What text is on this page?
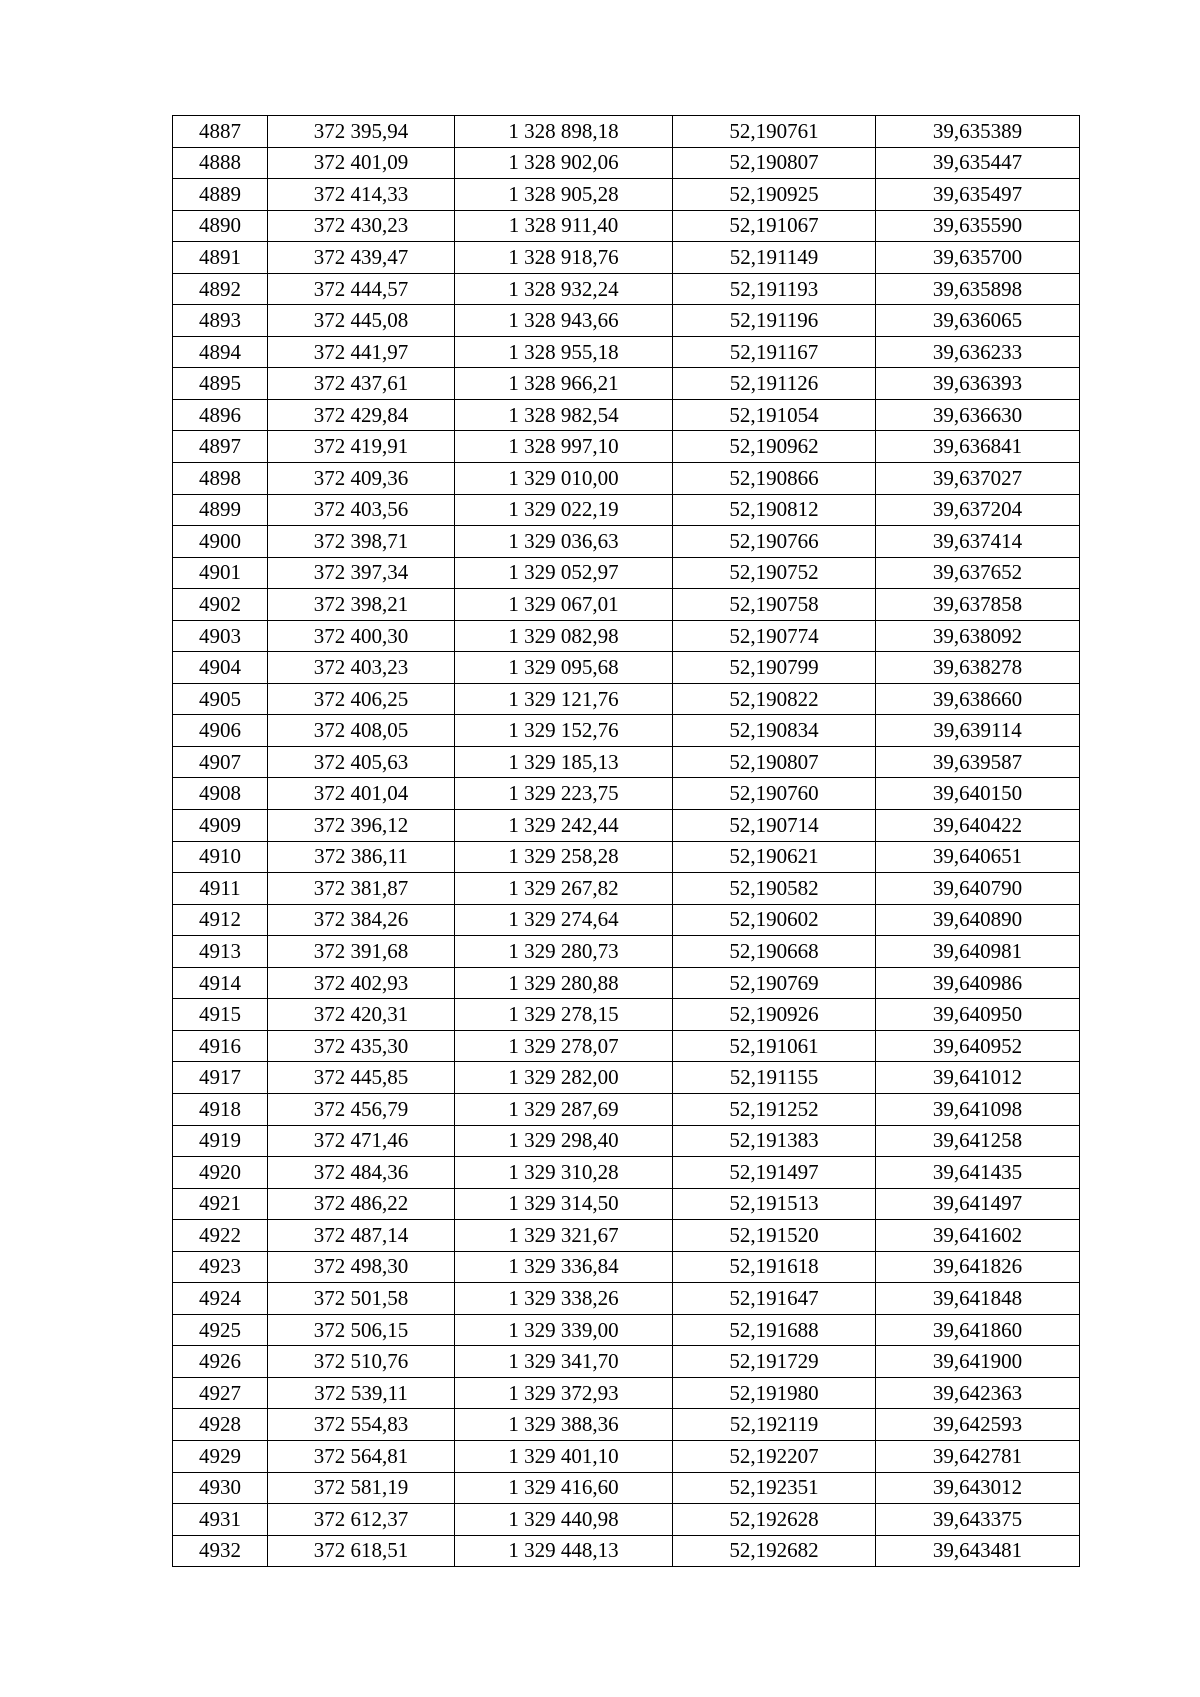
4887	372 395,94	1 328 898,18	52,190761	39,635389
4888	372 401,09	1 328 902,06	52,190807	39,635447
4889	372 414,33	1 328 905,28	52,190925	39,635497
4890	372 430,23	1 328 911,40	52,191067	39,635590
4891	372 439,47	1 328 918,76	52,191149	39,635700
4892	372 444,57	1 328 932,24	52,191193	39,635898
4893	372 445,08	1 328 943,66	52,191196	39,636065
4894	372 441,97	1 328 955,18	52,191167	39,636233
4895	372 437,61	1 328 966,21	52,191126	39,636393
4896	372 429,84	1 328 982,54	52,191054	39,636630
4897	372 419,91	1 328 997,10	52,190962	39,636841
4898	372 409,36	1 329 010,00	52,190866	39,637027
4899	372 403,56	1 329 022,19	52,190812	39,637204
4900	372 398,71	1 329 036,63	52,190766	39,637414
4901	372 397,34	1 329 052,97	52,190752	39,637652
4902	372 398,21	1 329 067,01	52,190758	39,637858
4903	372 400,30	1 329 082,98	52,190774	39,638092
4904	372 403,23	1 329 095,68	52,190799	39,638278
4905	372 406,25	1 329 121,76	52,190822	39,638660
4906	372 408,05	1 329 152,76	52,190834	39,639114
4907	372 405,63	1 329 185,13	52,190807	39,639587
4908	372 401,04	1 329 223,75	52,190760	39,640150
4909	372 396,12	1 329 242,44	52,190714	39,640422
4910	372 386,11	1 329 258,28	52,190621	39,640651
4911	372 381,87	1 329 267,82	52,190582	39,640790
4912	372 384,26	1 329 274,64	52,190602	39,640890
4913	372 391,68	1 329 280,73	52,190668	39,640981
4914	372 402,93	1 329 280,88	52,190769	39,640986
4915	372 420,31	1 329 278,15	52,190926	39,640950
4916	372 435,30	1 329 278,07	52,191061	39,640952
4917	372 445,85	1 329 282,00	52,191155	39,641012
4918	372 456,79	1 329 287,69	52,191252	39,641098
4919	372 471,46	1 329 298,40	52,191383	39,641258
4920	372 484,36	1 329 310,28	52,191497	39,641435
4921	372 486,22	1 329 314,50	52,191513	39,641497
4922	372 487,14	1 329 321,67	52,191520	39,641602
4923	372 498,30	1 329 336,84	52,191618	39,641826
4924	372 501,58	1 329 338,26	52,191647	39,641848
4925	372 506,15	1 329 339,00	52,191688	39,641860
4926	372 510,76	1 329 341,70	52,191729	39,641900
4927	372 539,11	1 329 372,93	52,191980	39,642363
4928	372 554,83	1 329 388,36	52,192119	39,642593
4929	372 564,81	1 329 401,10	52,192207	39,642781
4930	372 581,19	1 329 416,60	52,192351	39,643012
4931	372 612,37	1 329 440,98	52,192628	39,643375
4932	372 618,51	1 329 448,13	52,192682	39,643481
